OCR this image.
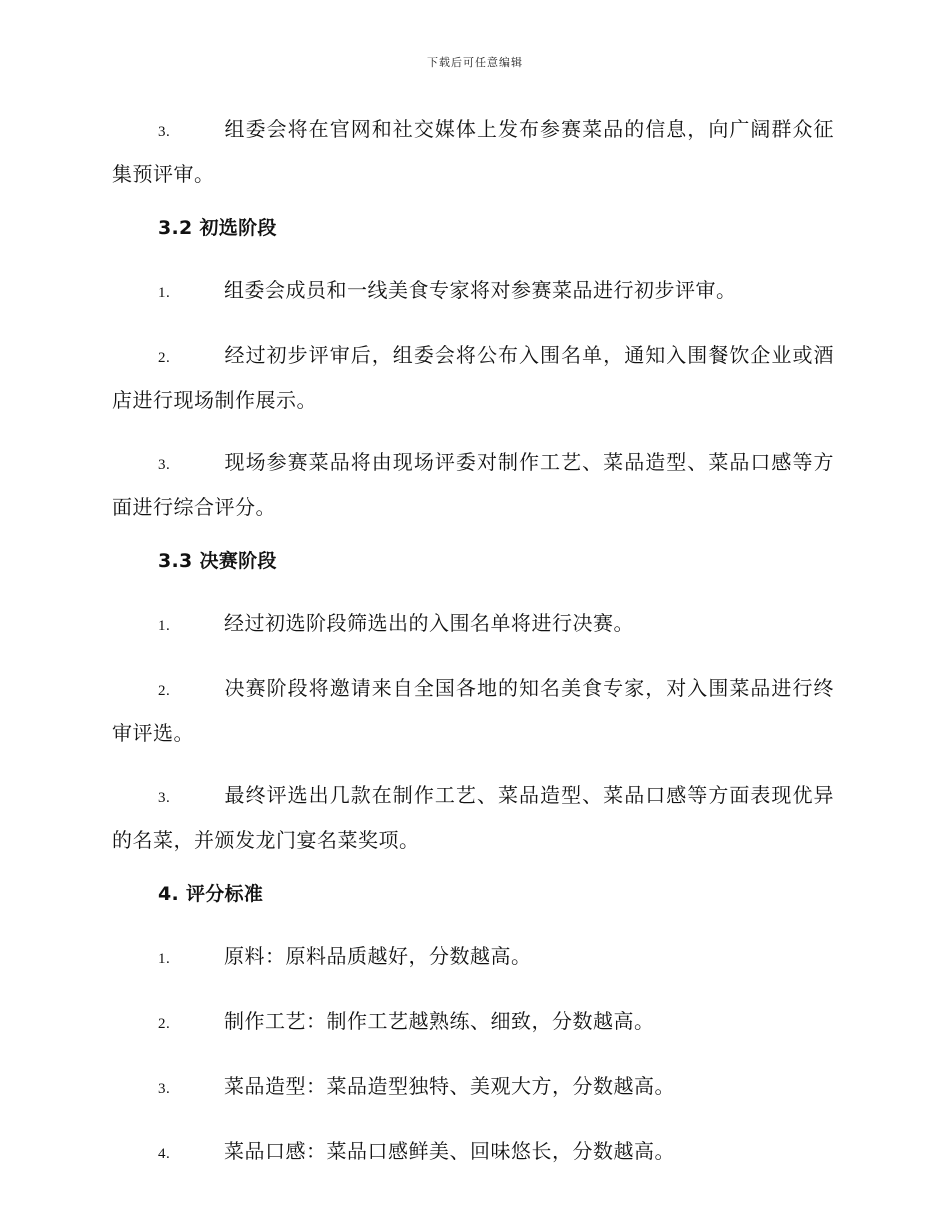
下载后可任意编辑

3.	组委会将在官网和社交媒体上发布参赛菜品的信息，向广阔群众征集预评审。

3.2 初选阶段

1.	组委会成员和一线美食专家将对参赛菜品进行初步评审。

2.	经过初步评审后，组委会将公布入围名单，通知入围餐饮企业或酒店进行现场制作展示。

3.	现场参赛菜品将由现场评委对制作工艺、菜品造型、菜品口感等方面进行综合评分。

3.3 决赛阶段

1.	经过初选阶段筛选出的入围名单将进行决赛。

2.	决赛阶段将邀请来自全国各地的知名美食专家，对入围菜品进行终审评选。

3.	最终评选出几款在制作工艺、菜品造型、菜品口感等方面表现优异的名菜，并颁发龙门宴名菜奖项。

4. 评分标准

1.	原料：原料品质越好，分数越高。

2.	制作工艺：制作工艺越熟练、细致，分数越高。

3.	菜品造型：菜品造型独特、美观大方，分数越高。

4.	菜品口感：菜品口感鲜美、回味悠长，分数越高。
